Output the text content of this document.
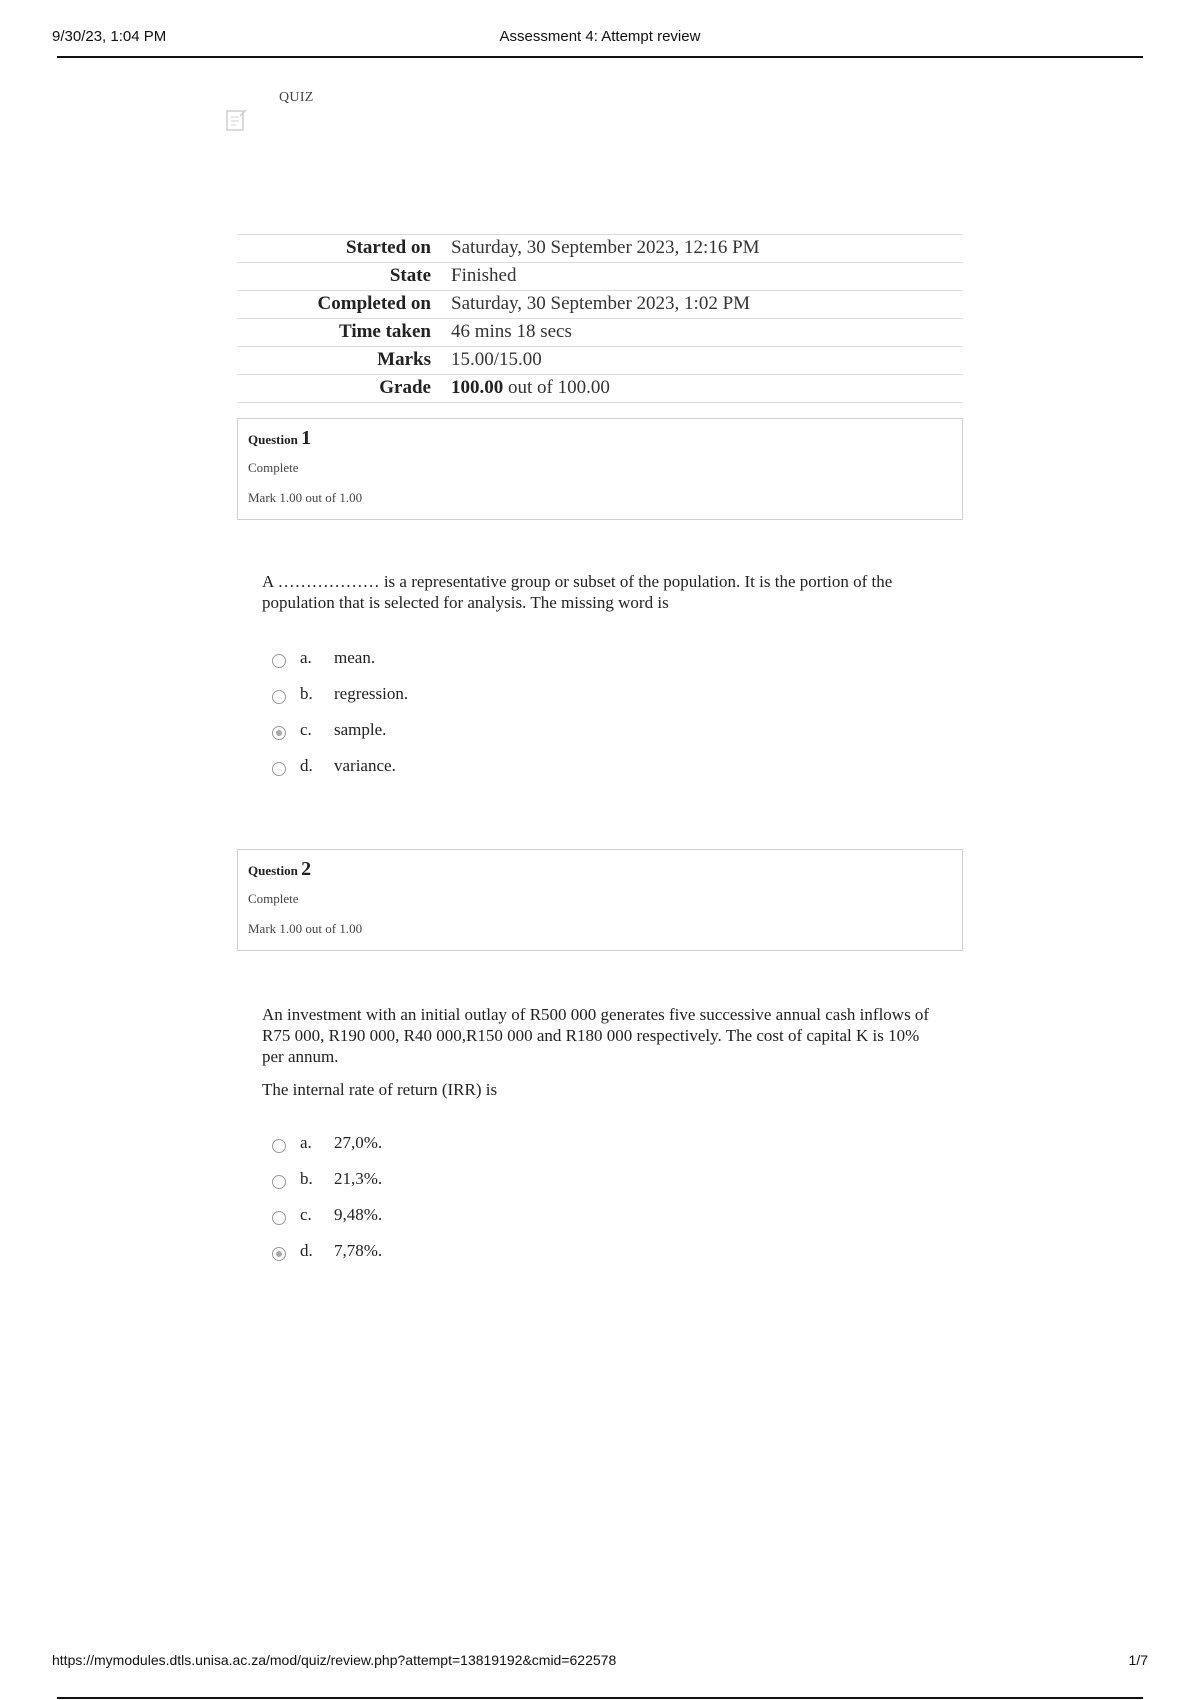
9/30/23, 1:04 PM	Assessment 4: Attempt review
QUIZ
Started on	Saturday, 30 September 2023, 12:16 PM
State	Finished
Completed on	Saturday, 30 September 2023, 1:02 PM
Time taken	46 mins 18 secs
Marks	15.00/15.00
Grade	100.00 out of 100.00
Question 1
Complete
Mark 1.00 out of 1.00

A ……………… is a representative group or subset of the population. It is the portion of the population that is selected for analysis. The missing word is

a. mean.
b. regression.
c. sample.
d. variance.
Question 2
Complete
Mark 1.00 out of 1.00

An investment with an initial outlay of R500 000 generates five successive annual cash inflows of R75 000, R190 000, R40 000,R150 000 and R180 000 respectively. The cost of capital K is 10% per annum.

The internal rate of return (IRR) is

a. 27,0%.
b. 21,3%.
c. 9,48%.
d. 7,78%.
https://mymodules.dtls.unisa.ac.za/mod/quiz/review.php?attempt=13819192&cmid=622578	1/7
